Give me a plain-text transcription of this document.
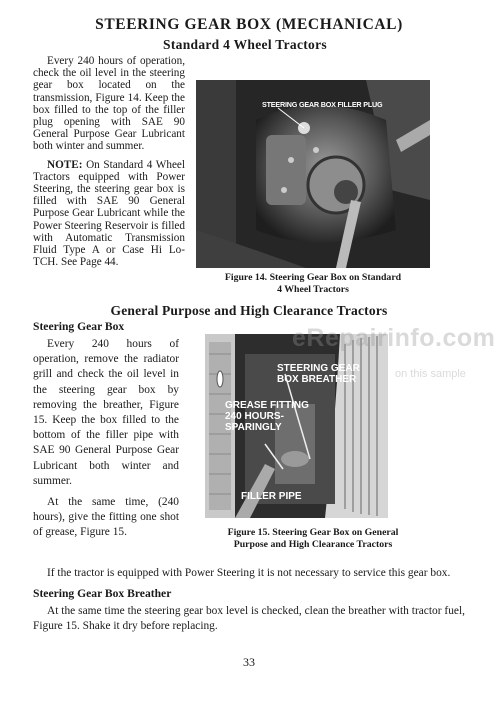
STEERING GEAR BOX (MECHANICAL)
Standard 4 Wheel Tractors

Every 240 hours of operation, check the oil level in the steering gear box located on the transmission, Figure 14. Keep the box filled to the top of the filler plug opening with SAE 90 General Purpose Gear Lubricant both winter and summer.

NOTE: On Standard 4 Wheel Tractors equipped with Power Steering, the steering gear box is filled with SAE 90 General Purpose Gear Lubricant while the Power Steering Reservoir is filled with Automatic Transmission Fluid Type A or Case Hi Lo-TCH. See Page 44.

STEERING GEAR BOX FILLER PLUG
Figure 14. Steering Gear Box on Standard
4 Wheel Tractors
General Purpose and High Clearance Tractors
Steering Gear Box

Every 240 hours of operation, remove the radiator grill and check the oil level in the steering gear box by removing the breather, Figure 15. Keep the box filled to the bottom of the filler pipe with SAE 90 General Purpose Gear Lubricant both winter and summer.

At the same time, (240 hours), give the fitting one shot of grease, Figure 15.

STEERING GEAR BOX BREATHER
GREASE FITTING 240 HOURS- SPARINGLY
FILLER PIPE
Figure 15. Steering Gear Box on General
Purpose and High Clearance Tractors
eRepairinfo.com
on this sample

If the tractor is equipped with Power Steering it is not necessary to service this gear box.

Steering Gear Box Breather

At the same time the steering gear box level is checked, clean the breather with tractor fuel, Figure 15. Shake it dry before replacing.

33
